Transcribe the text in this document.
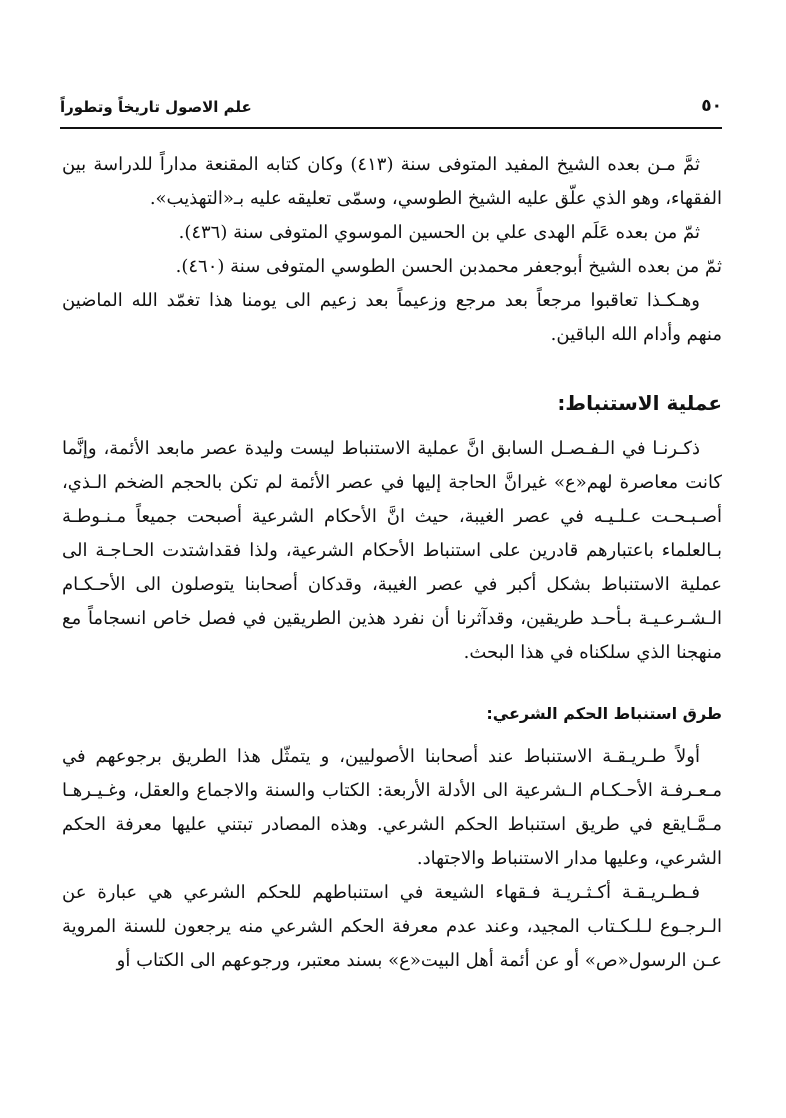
علم الاصول تاريخاً وتطوراً	٥٠

ثمَّ مـن بعده الشيخ المفيد المتوفى سنة (٤١٣) وكان كتابه المقنعة مداراً للدراسة بين الفقهاء، وهو الذي علّق عليه الشيخ الطوسي، وسمّى تعليقه عليه بـ«التهذيب».

ثمّ من بعده عَلَم الهدى علي بن الحسين الموسوي المتوفى سنة (٤٣٦).

ثمّ من بعده الشيخ أبوجعفر محمدبن الحسن الطوسي المتوفى سنة (٤٦٠).

وهـكـذا تعاقبوا مرجعاً بعد مرجع وزعيماً بعد زعيم الى يومنا هذا تغمّد الله الماضين منهم وأدام الله الباقين.

عملية الاستنباط:

ذكـرنـا في الـفـصـل السابق انَّ عملية الاستنباط ليست وليدة عصر مابعد الأئمة، وإنَّما كانت معاصرة لهم«ع» غيرانَّ الحاجة إليها في عصر الأئمة لم تكن بالحجم الضخم الـذي، أصـبـحـت عـلـيـه في عصر الغيبة، حيث انَّ الأحكام الشرعية أصبحت جميعاً مـنـوطـة بـالعلماء باعتبارهم قادرين على استنباط الأحكام الشرعية، ولذا فقداشتدت الحـاجـة الى عملية الاستنباط بشكل أكبر في عصر الغيبة، وقدكان أصحابنا يتوصلون الى الأحـكـام الـشـرعـيـة بـأحـد طريقين، وقدآثرنا أن نفرد هذين الطريقين في فصل خاص انسجاماً مع منهجنا الذي سلكناه في هذا البحث.

طرق استنباط الحكم الشرعي:

أولاً طـريـقـة الاستنباط عند أصحابنا الأصوليين، و يتمثّل هذا الطريق برجوعهم في مـعـرفـة الأحـكـام الـشرعية الى الأدلة الأربعة: الكتاب والسنة والاجماع والعقل، وغـيـرهـا مـمَّـايقع في طريق استنباط الحكم الشرعي. وهذه المصادر تبتني عليها معرفة الحكم الشرعي، وعليها مدار الاستنباط والاجتهاد.

فـطـريـقـة أكـثـريـة فـقهاء الشيعة في استنباطهم للحكم الشرعي هي عبارة عن الـرجـوع لـلـكـتاب المجيد، وعند عدم معرفة الحكم الشرعي منه يرجعون للسنة المروية عـن الرسول«ص» أو عن أئمة أهل البيت«ع» بسند معتبر، ورجوعهم الى الكتاب أو
